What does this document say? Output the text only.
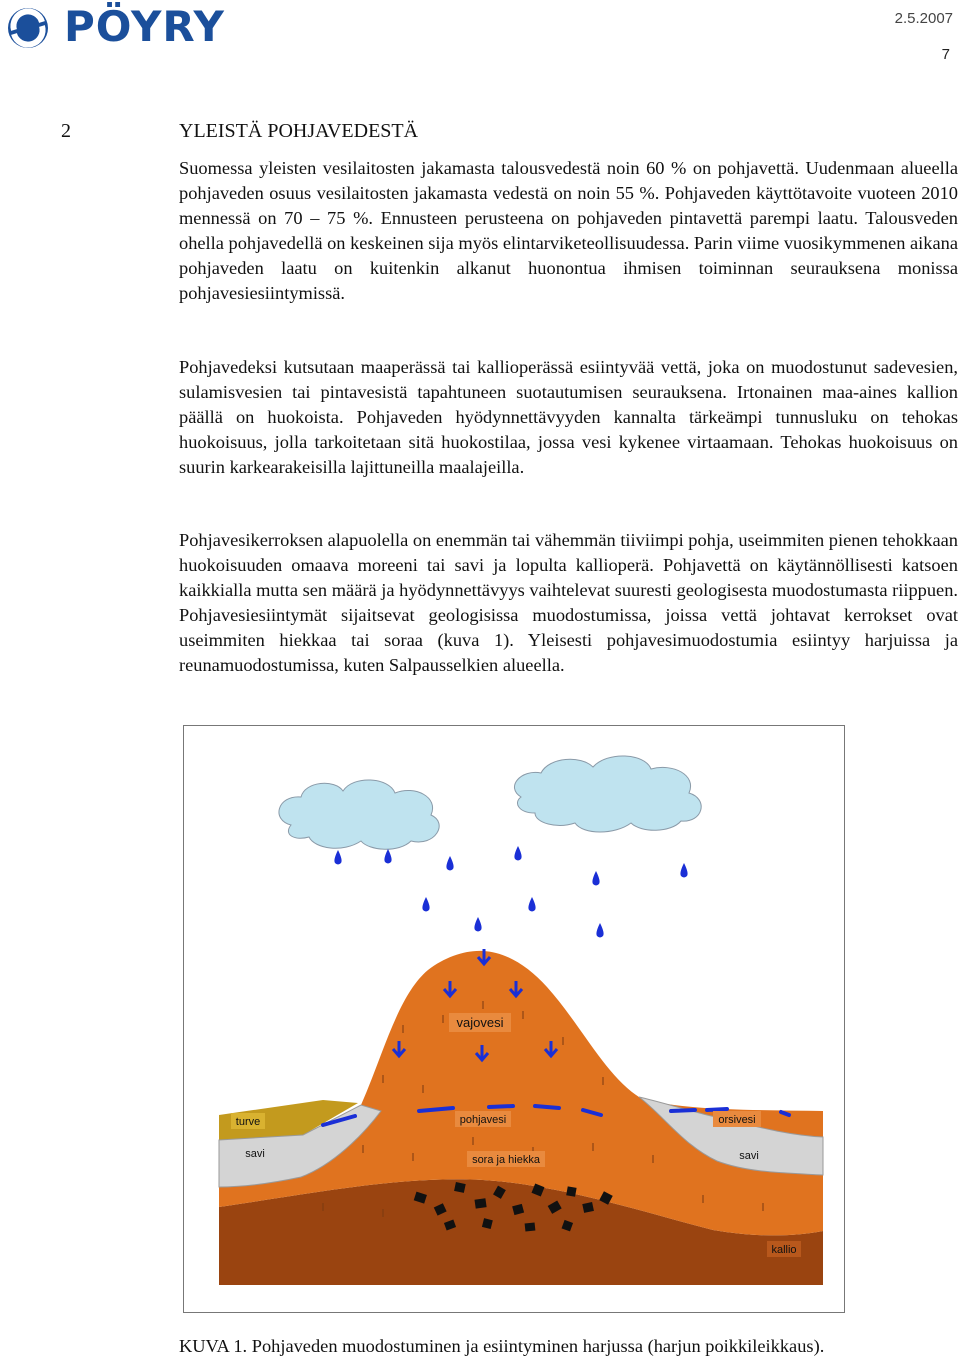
PÖYRY	2.5.2007
7
2	YLEISTÄ POHJAVEDESTÄ

Suomessa yleisten vesilaitosten jakamasta talousvedestä noin 60 % on pohjavettä. Uudenmaan alueella pohjaveden osuus vesilaitosten jakamasta vedestä on noin 55 %. Pohjaveden käyttötavoite vuoteen 2010 mennessä on 70 – 75 %. Ennusteen perusteena on pohjaveden pintavettä parempi laatu. Talousveden ohella pohjavedellä on keskeinen sija myös elintarviketeollisuudessa. Parin viime vuosikymmenen aikana pohjaveden laatu on kuitenkin alkanut huonontua ihmisen toiminnan seurauksena monissa pohjavesiesiintymissä.

Pohjavedeksi kutsutaan maaperässä tai kallioperässä esiintyvää vettä, joka on muodostunut sadevesien, sulamisvesien tai pintavesistä tapahtuneen suotautumisen seurauksena. Irtonainen maa-aines kallion päällä on huokoista. Pohjaveden hyödynnettävyyden kannalta tärkeämpi tunnusluku on tehokas huokoisuus, jolla tarkoitetaan sitä huokostilaa, jossa vesi kykenee virtaamaan. Tehokas huokoisuus on suurin karkearakeisilla lajittuneilla maalajeilla.

Pohjavesikerroksen alapuolella on enemmän tai vähemmän tiiviimpi pohja, useimmiten pienen tehokkaan huokoisuuden omaava moreeni tai savi ja lopulta kallioperä. Pohjavettä on käytännöllisesti katsoen kaikkialla mutta sen määrä ja hyödynnettävyys vaihtelevat suuresti geologisesta muodostumasta riippuen. Pohjavesiesiintymät sijaitsevat geologisissa muodostumissa, joissa vettä johtavat kerrokset ovat useimmiten hiekkaa tai soraa (kuva 1). Yleisesti pohjavesimuodostumia esiintyy harjuissa ja reunamuodostumissa, kuten Salpausselkien alueella.

vajovesi
turve	pohjavesi	orsivesi
savi	sora ja hiekka	savi
kallio
KUVA 1. Pohjaveden muodostuminen ja esiintyminen harjussa (harjun poikkileikkaus).
